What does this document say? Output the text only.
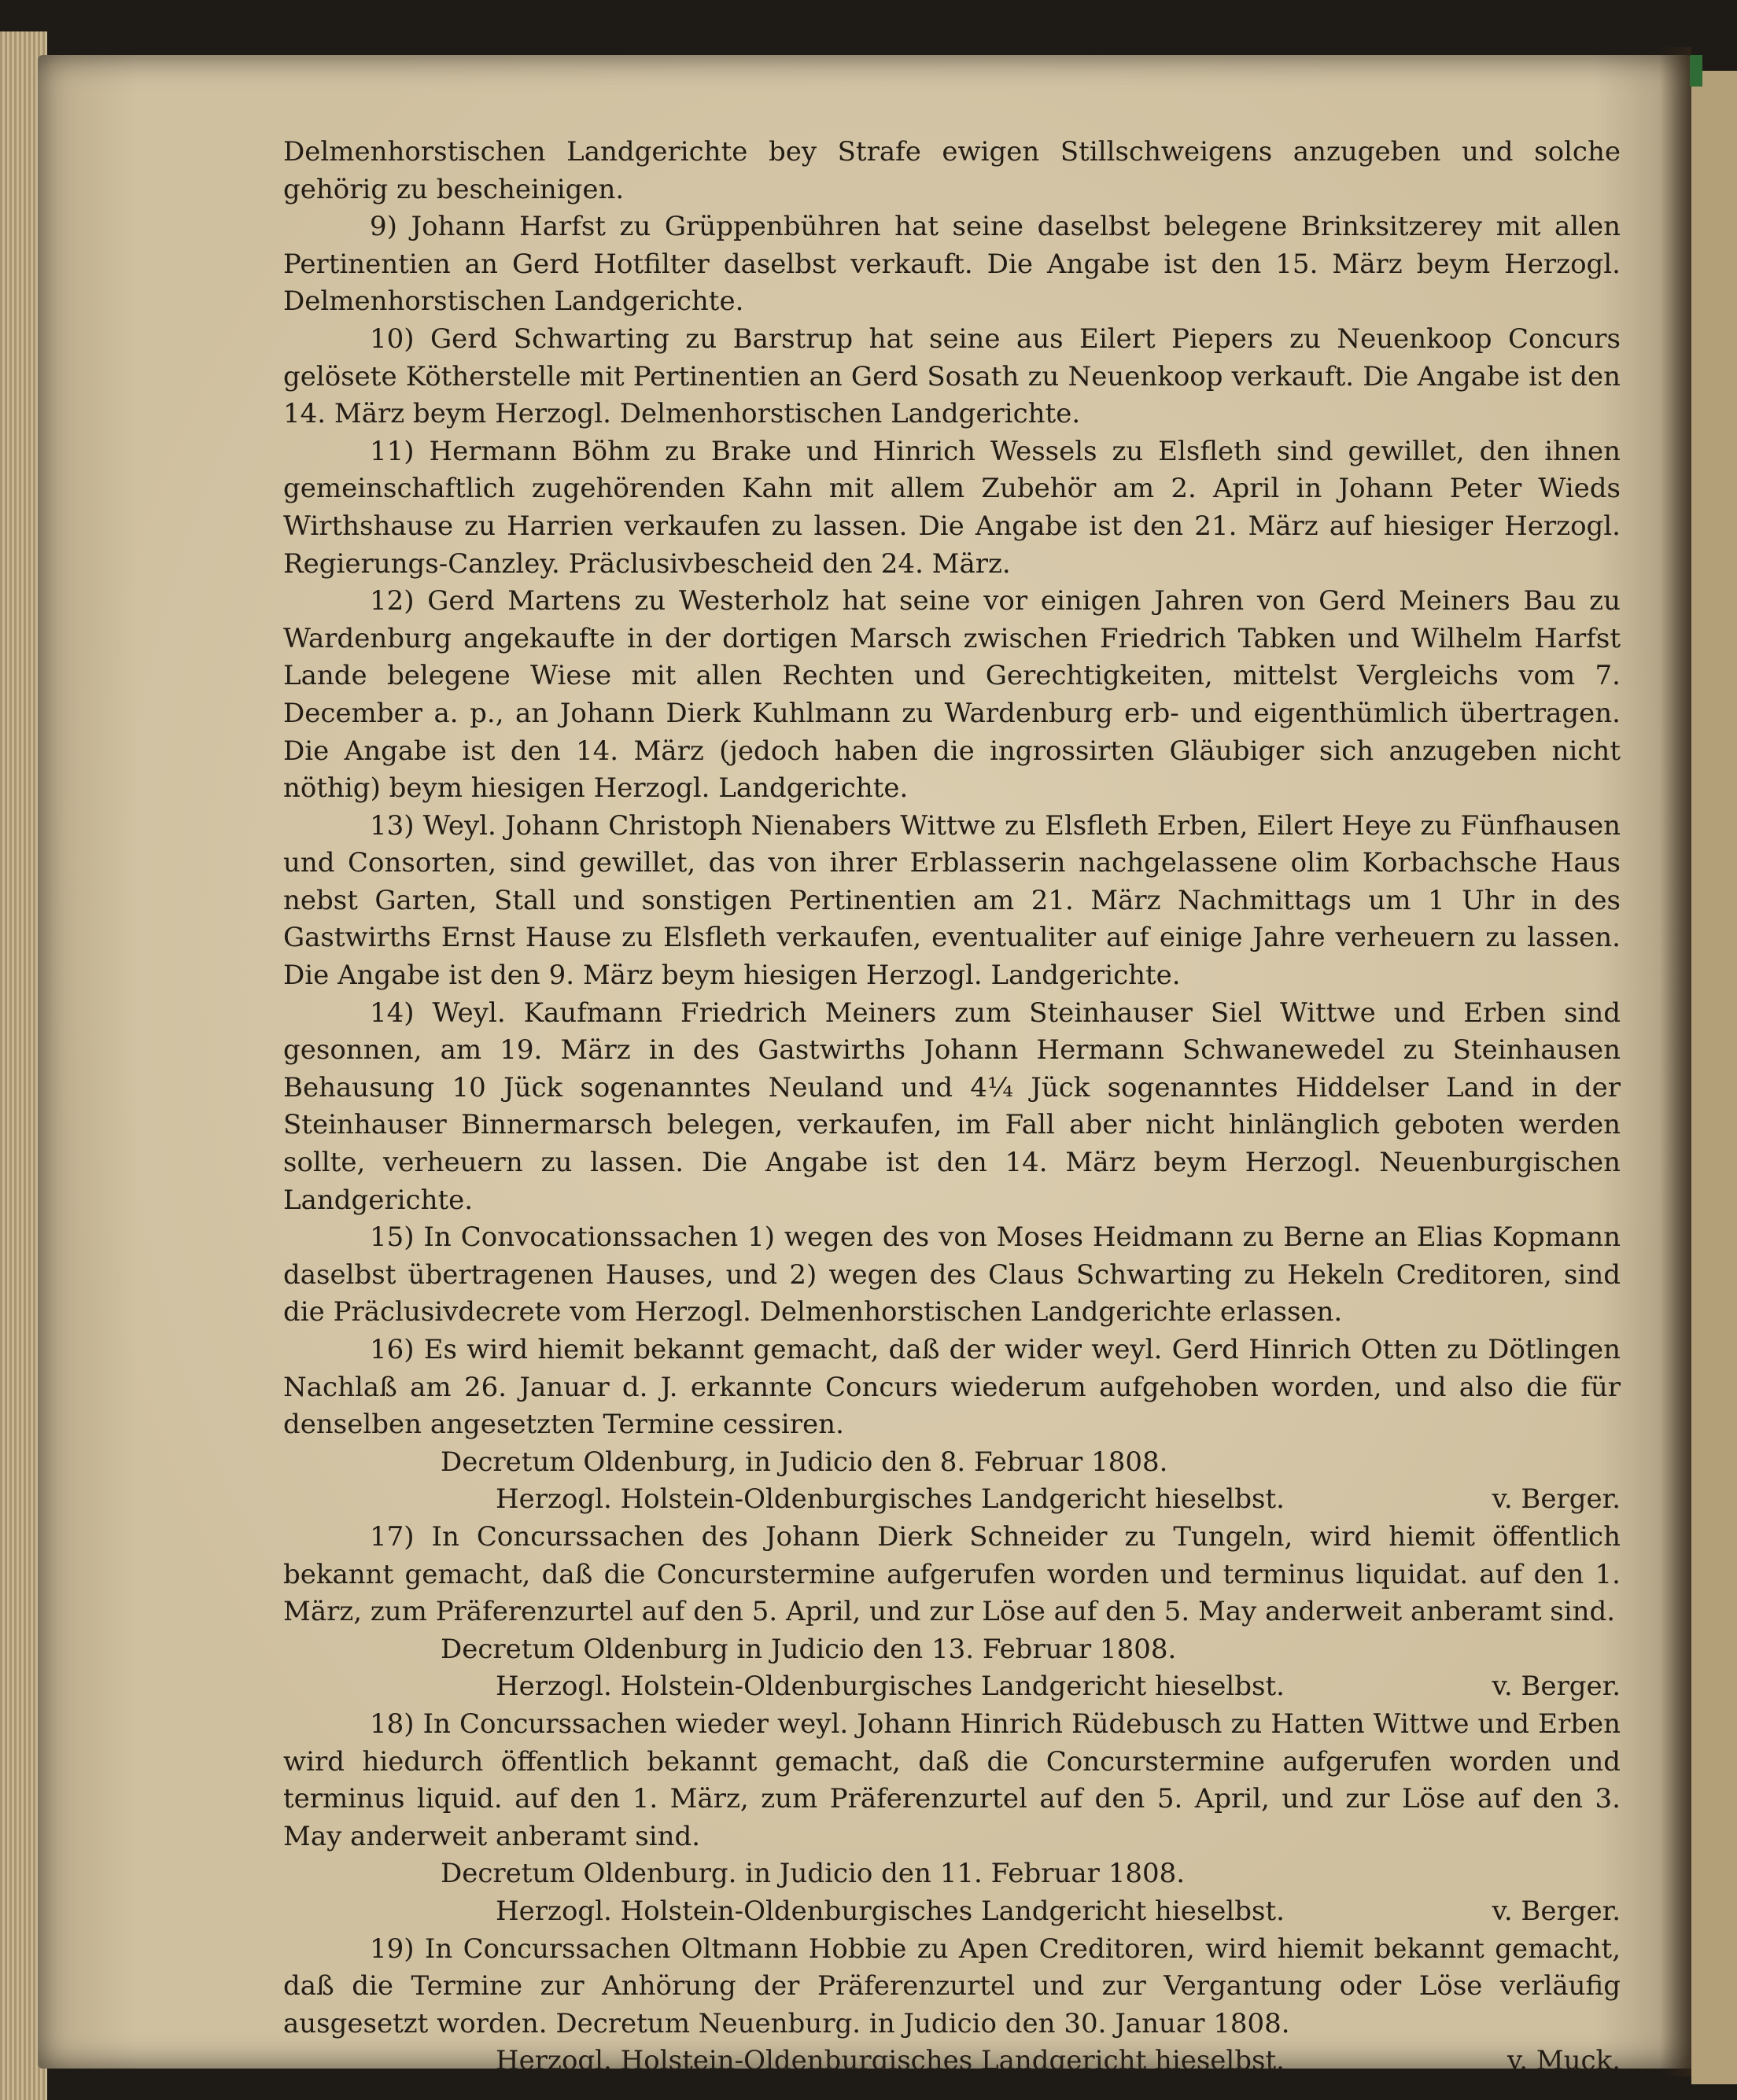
Delmenhorstischen Landgerichte bey Strafe ewigen Stillschweigens anzugeben und solche gehörig zu bescheinigen.

9) Johann Harfst zu Grüppenbühren hat seine daselbst belegene Brinksitzerey mit allen Pertinentien an Gerd Hotfilter daselbst verkauft. Die Angabe ist den 15. März beym Herzogl. Delmenhorstischen Landgerichte.

10) Gerd Schwarting zu Barstrup hat seine aus Eilert Piepers zu Neuenkoop Concurs gelösete Kötherstelle mit Pertinentien an Gerd Sosath zu Neuenkoop verkauft. Die Angabe ist den 14. März beym Herzogl. Delmenhorstischen Landgerichte.

11) Hermann Böhm zu Brake und Hinrich Wessels zu Elsfleth sind gewillet, den ihnen gemeinschaftlich zugehörenden Kahn mit allem Zubehör am 2. April in Johann Peter Wieds Wirthshause zu Harrien verkaufen zu lassen. Die Angabe ist den 21. März auf hiesiger Herzogl. Regierungs-Canzley. Präclusivbescheid den 24. März.

12) Gerd Martens zu Westerholz hat seine vor einigen Jahren von Gerd Meiners Bau zu Wardenburg angekaufte in der dortigen Marsch zwischen Friedrich Tabken und Wilhelm Harfst Lande belegene Wiese mit allen Rechten und Gerechtigkeiten, mittelst Vergleichs vom 7. December a. p., an Johann Dierk Kuhlmann zu Wardenburg erb- und eigenthümlich übertragen. Die Angabe ist den 14. März (jedoch haben die ingrossirten Gläubiger sich anzugeben nicht nöthig) beym hiesigen Herzogl. Landgerichte.

13) Weyl. Johann Christoph Nienabers Wittwe zu Elsfleth Erben, Eilert Heye zu Fünfhausen und Consorten, sind gewillet, das von ihrer Erblasserin nachgelassene olim Korbachsche Haus nebst Garten, Stall und sonstigen Pertinentien am 21. März Nachmittags um 1 Uhr in des Gastwirths Ernst Hause zu Elsfleth verkaufen, eventualiter auf einige Jahre verheuern zu lassen. Die Angabe ist den 9. März beym hiesigen Herzogl. Landgerichte.

14) Weyl. Kaufmann Friedrich Meiners zum Steinhauser Siel Wittwe und Erben sind gesonnen, am 19. März in des Gastwirths Johann Hermann Schwanewedel zu Steinhausen Behausung 10 Jück sogenanntes Neuland und 4¼ Jück sogenanntes Hiddelser Land in der Steinhauser Binnermarsch belegen, verkaufen, im Fall aber nicht hinlänglich geboten werden sollte, verheuern zu lassen. Die Angabe ist den 14. März beym Herzogl. Neuenburgischen Landgerichte.

15) In Convocationssachen 1) wegen des von Moses Heidmann zu Berne an Elias Kopmann daselbst übertragenen Hauses, und 2) wegen des Claus Schwarting zu Hekeln Creditoren, sind die Präclusivdecrete vom Herzogl. Delmenhorstischen Landgerichte erlassen.

16) Es wird hiemit bekannt gemacht, daß der wider weyl. Gerd Hinrich Otten zu Dötlingen Nachlaß am 26. Januar d. J. erkannte Concurs wiederum aufgehoben worden, und also die für denselben angesetzten Termine cessiren.

Decretum Oldenburg, in Judicio den 8. Februar 1808.

Herzogl. Holstein-Oldenburgisches Landgericht hieselbst.	v. Berger.

17) In Concurssachen des Johann Dierk Schneider zu Tungeln, wird hiemit öffentlich bekannt gemacht, daß die Concurstermine aufgerufen worden und terminus liquidat. auf den 1. März, zum Präferenzurtel auf den 5. April, und zur Löse auf den 5. May anderweit anberamt sind.

Decretum Oldenburg in Judicio den 13. Februar 1808.

Herzogl. Holstein-Oldenburgisches Landgericht hieselbst.	v. Berger.

18) In Concurssachen wieder weyl. Johann Hinrich Rüdebusch zu Hatten Wittwe und Erben wird hiedurch öffentlich bekannt gemacht, daß die Concurstermine aufgerufen worden und terminus liquid. auf den 1. März, zum Präferenzurtel auf den 5. April, und zur Löse auf den 3. May anderweit anberamt sind.

Decretum Oldenburg. in Judicio den 11. Februar 1808.

Herzogl. Holstein-Oldenburgisches Landgericht hieselbst.	v. Berger.

19) In Concurssachen Oltmann Hobbie zu Apen Creditoren, wird hiemit bekannt gemacht, daß die Termine zur Anhörung der Präferenzurtel und zur Vergantung oder Löse verläufig ausgesetzt worden. Decretum Neuenburg. in Judicio den 30. Januar 1808.

Herzogl. Holstein-Oldenburgisches Landgericht hieselbst.	v. Muck.
